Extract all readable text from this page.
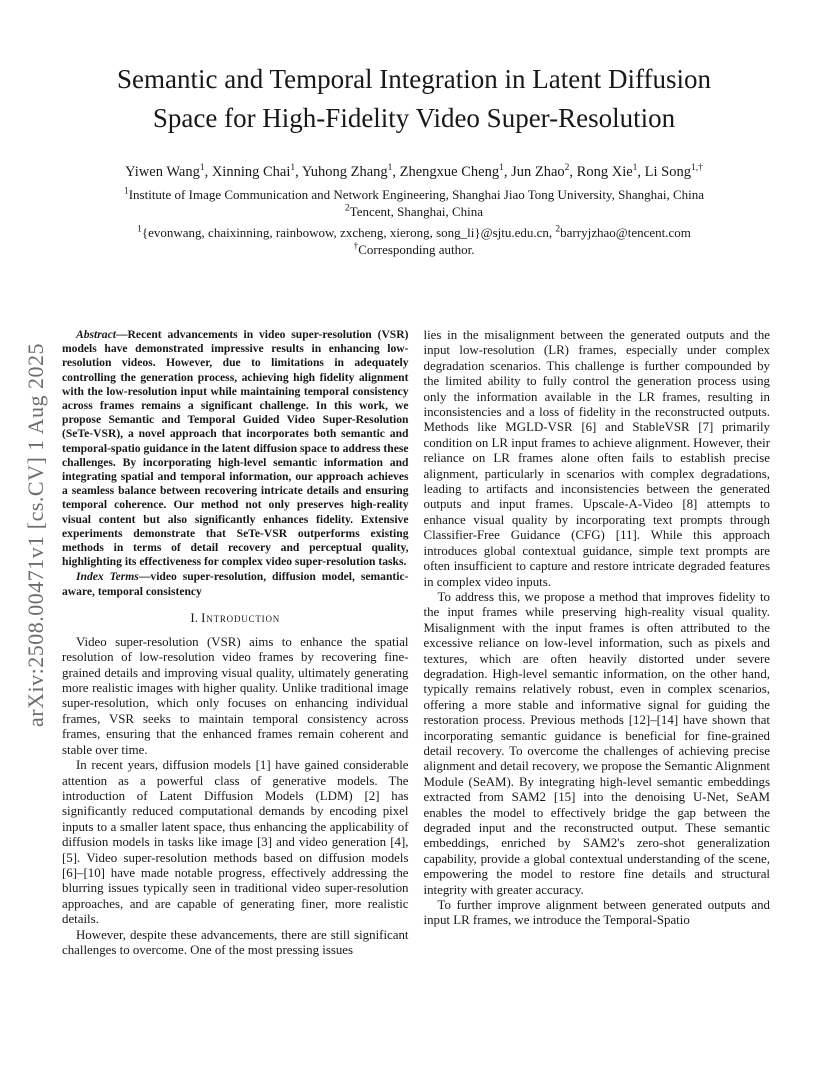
arXiv:2508.00471v1 [cs.CV] 1 Aug 2025
Semantic and Temporal Integration in Latent Diffusion Space for High-Fidelity Video Super-Resolution
Yiwen Wang$^1$, Xinning Chai$^1$, Yuhong Zhang$^1$, Zhengxue Cheng$^1$, Jun Zhao$^2$, Rong Xie$^1$, Li Song$^{1,\dagger}$
$^1$Institute of Image Communication and Network Engineering, Shanghai Jiao Tong University, Shanghai, China
$^2$Tencent, Shanghai, China
$^1${evonwang, chaixinning, rainbowow, zxcheng, xierong, song_li}@sjtu.edu.cn, $^2$barryjzhao@tencent.com
†Corresponding author.

Abstract—Recent advancements in video super-resolution (VSR) models have demonstrated impressive results in enhancing low-resolution videos. However, due to limitations in adequately controlling the generation process, achieving high fidelity alignment with the low-resolution input while maintaining temporal consistency across frames remains a significant challenge. In this work, we propose Semantic and Temporal Guided Video Super-Resolution (SeTe-VSR), a novel approach that incorporates both semantic and temporal-spatio guidance in the latent diffusion space to address these challenges. By incorporating high-level semantic information and integrating spatial and temporal information, our approach achieves a seamless balance between recovering intricate details and ensuring temporal coherence. Our method not only preserves high-reality visual content but also significantly enhances fidelity. Extensive experiments demonstrate that SeTe-VSR outperforms existing methods in terms of detail recovery and perceptual quality, highlighting its effectiveness for complex video super-resolution tasks.

Index Terms—video super-resolution, diffusion model, semantic-aware, temporal consistency

I. Introduction

Video super-resolution (VSR) aims to enhance the spatial resolution of low-resolution video frames by recovering fine-grained details and improving visual quality, ultimately generating more realistic images with higher quality. Unlike traditional image super-resolution, which only focuses on enhancing individual frames, VSR seeks to maintain temporal consistency across frames, ensuring that the enhanced frames remain coherent and stable over time.

In recent years, diffusion models [1] have gained considerable attention as a powerful class of generative models. The introduction of Latent Diffusion Models (LDM) [2] has significantly reduced computational demands by encoding pixel inputs to a smaller latent space, thus enhancing the applicability of diffusion models in tasks like image [3] and video generation [4], [5]. Video super-resolution methods based on diffusion models [6]–[10] have made notable progress, effectively addressing the blurring issues typically seen in traditional video super-resolution approaches, and are capable of generating finer, more realistic details.

However, despite these advancements, there are still significant challenges to overcome. One of the most pressing issues

lies in the misalignment between the generated outputs and the input low-resolution (LR) frames, especially under complex degradation scenarios. This challenge is further compounded by the limited ability to fully control the generation process using only the information available in the LR frames, resulting in inconsistencies and a loss of fidelity in the reconstructed outputs. Methods like MGLD-VSR [6] and StableVSR [7] primarily condition on LR input frames to achieve alignment. However, their reliance on LR frames alone often fails to establish precise alignment, particularly in scenarios with complex degradations, leading to artifacts and inconsistencies between the generated outputs and input frames. Upscale-A-Video [8] attempts to enhance visual quality by incorporating text prompts through Classifier-Free Guidance (CFG) [11]. While this approach introduces global contextual guidance, simple text prompts are often insufficient to capture and restore intricate degraded features in complex video inputs.

To address this, we propose a method that improves fidelity to the input frames while preserving high-reality visual quality. Misalignment with the input frames is often attributed to the excessive reliance on low-level information, such as pixels and textures, which are often heavily distorted under severe degradation. High-level semantic information, on the other hand, typically remains relatively robust, even in complex scenarios, offering a more stable and informative signal for guiding the restoration process. Previous methods [12]–[14] have shown that incorporating semantic guidance is beneficial for fine-grained detail recovery. To overcome the challenges of achieving precise alignment and detail recovery, we propose the Semantic Alignment Module (SeAM). By integrating high-level semantic embeddings extracted from SAM2 [15] into the denoising U-Net, SeAM enables the model to effectively bridge the gap between the degraded input and the reconstructed output. These semantic embeddings, enriched by SAM2's zero-shot generalization capability, provide a global contextual understanding of the scene, empowering the model to restore fine details and structural integrity with greater accuracy.

To further improve alignment between generated outputs and input LR frames, we introduce the Temporal-Spatio
